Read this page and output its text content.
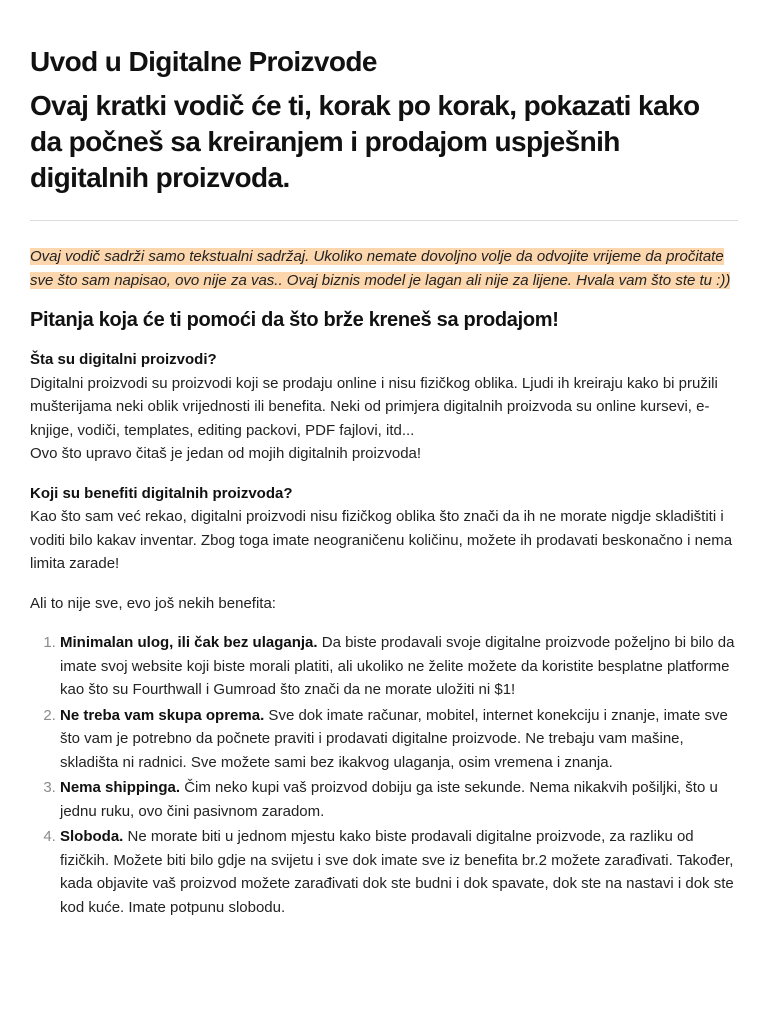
Uvod u Digitalne Proizvode
Ovaj kratki vodič će ti, korak po korak, pokazati kako da počneš sa kreiranjem i prodajom uspješnih digitalnih proizvoda.

Ovaj vodič sadrži samo tekstualni sadržaj. Ukoliko nemate dovoljno volje da odvojite vrijeme da pročitate sve što sam napisao, ovo nije za vas.. Ovaj biznis model je lagan ali nije za lijene. Hvala vam što ste tu :))

Pitanja koja će ti pomoći da što brže kreneš sa prodajom!
Šta su digitalni proizvodi?

Digitalni proizvodi su proizvodi koji se prodaju online i nisu fizičkog oblika. Ljudi ih kreiraju kako bi pružili mušterijama neki oblik vrijednosti ili benefita. Neki od primjera digitalnih proizvoda su online kursevi, e-knjige, vodiči, templates, editing packovi, PDF fajlovi, itd...

Ovo što upravo čitaš je jedan od mojih digitalnih proizvoda!

Koji su benefiti digitalnih proizvoda?

Kao što sam već rekao, digitalni proizvodi nisu fizičkog oblika što znači da ih ne morate nigdje skladištiti i voditi bilo kakav inventar. Zbog toga imate neograničenu količinu, možete ih prodavati beskonačno i nema limita zarade!

Ali to nije sve, evo još nekih benefita:

1. Minimalan ulog, ili čak bez ulaganja. Da biste prodavali svoje digitalne proizvode poželjno bi bilo da imate svoj website koji biste morali platiti, ali ukoliko ne želite možete da koristite besplatne platforme kao što su Fourthwall i Gumroad što znači da ne morate uložiti ni $1!
2. Ne treba vam skupa oprema. Sve dok imate računar, mobitel, internet konekciju i znanje, imate sve što vam je potrebno da počnete praviti i prodavati digitalne proizvode. Ne trebaju vam mašine, skladišta ni radnici. Sve možete sami bez ikakvog ulaganja, osim vremena i znanja.
3. Nema shippinga. Čim neko kupi vaš proizvod dobiju ga iste sekunde. Nema nikakvih pošiljki, što u jednu ruku, ovo čini pasivnom zaradom.
4. Sloboda. Ne morate biti u jednom mjestu kako biste prodavali digitalne proizvode, za razliku od fizičkih. Možete biti bilo gdje na svijetu i sve dok imate sve iz benefita br.2 možete zarađivati. Također, kada objavite vaš proizvod možete zarađivati dok ste budni i dok spavate, dok ste na nastavi i dok ste kod kuće. Imate potpunu slobodu.
